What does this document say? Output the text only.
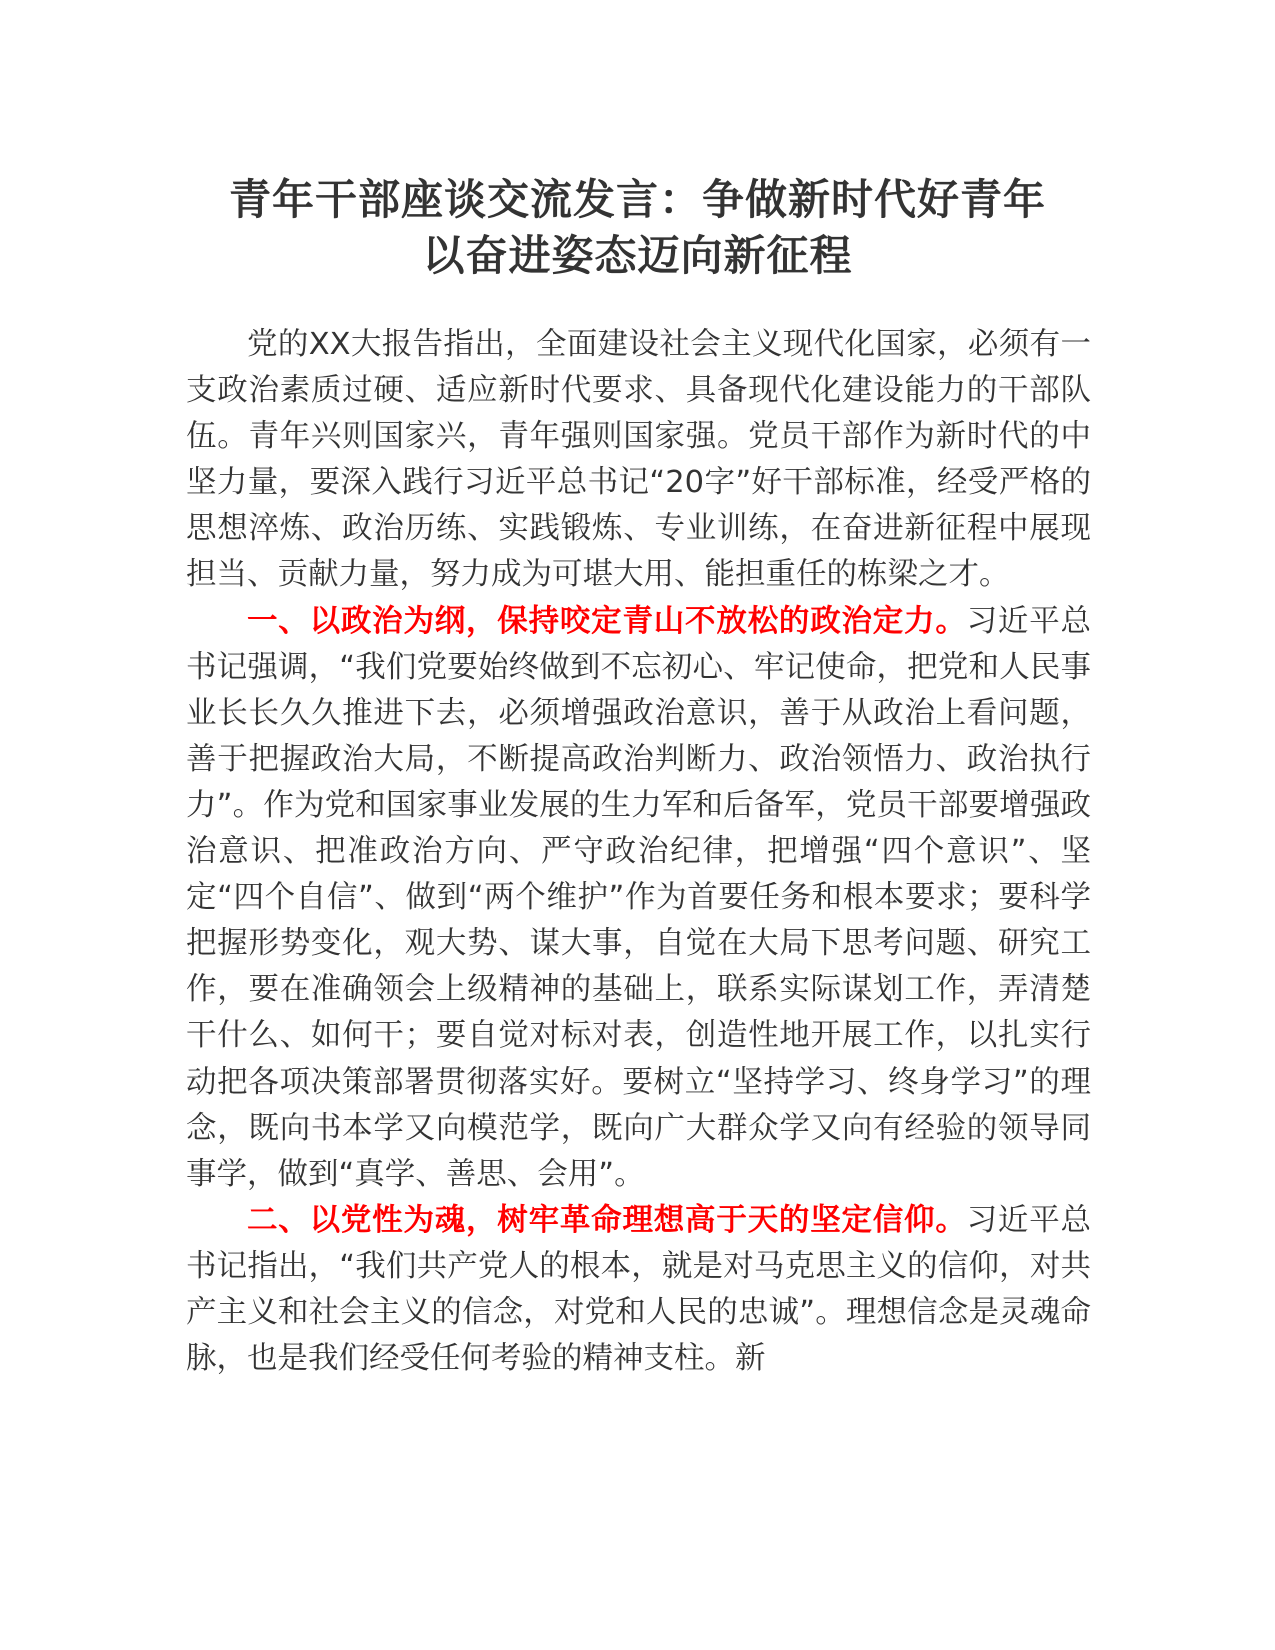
青年干部座谈交流发言：争做新时代好青年
以奋进姿态迈向新征程

党的XX大报告指出，全面建设社会主义现代化国家，必须有一支政治素质过硬、适应新时代要求、具备现代化建设能力的干部队伍。青年兴则国家兴，青年强则国家强。党员干部作为新时代的中坚力量，要深入践行习近平总书记“20字”好干部标准，经受严格的思想淬炼、政治历练、实践锻炼、专业训练，在奋进新征程中展现担当、贡献力量，努力成为可堪大用、能担重任的栋梁之才。

一、以政治为纲，保持咬定青山不放松的政治定力。习近平总书记强调，“我们党要始终做到不忘初心、牢记使命，把党和人民事业长长久久推进下去，必须增强政治意识，善于从政治上看问题，善于把握政治大局，不断提高政治判断力、政治领悟力、政治执行力”。作为党和国家事业发展的生力军和后备军，党员干部要增强政治意识、把准政治方向、严守政治纪律，把增强“四个意识”、坚定“四个自信”、做到“两个维护”作为首要任务和根本要求；要科学把握形势变化，观大势、谋大事，自觉在大局下思考问题、研究工作，要在准确领会上级精神的基础上，联系实际谋划工作，弄清楚干什么、如何干；要自觉对标对表，创造性地开展工作，以扎实行动把各项决策部署贯彻落实好。要树立“坚持学习、终身学习”的理念，既向书本学又向模范学，既向广大群众学又向有经验的领导同事学，做到“真学、善思、会用”。

二、以党性为魂，树牢革命理想高于天的坚定信仰。习近平总书记指出，“我们共产党人的根本，就是对马克思主义的信仰，对共产主义和社会主义的信念，对党和人民的忠诚”。理想信念是灵魂命脉，也是我们经受任何考验的精神支柱。新
